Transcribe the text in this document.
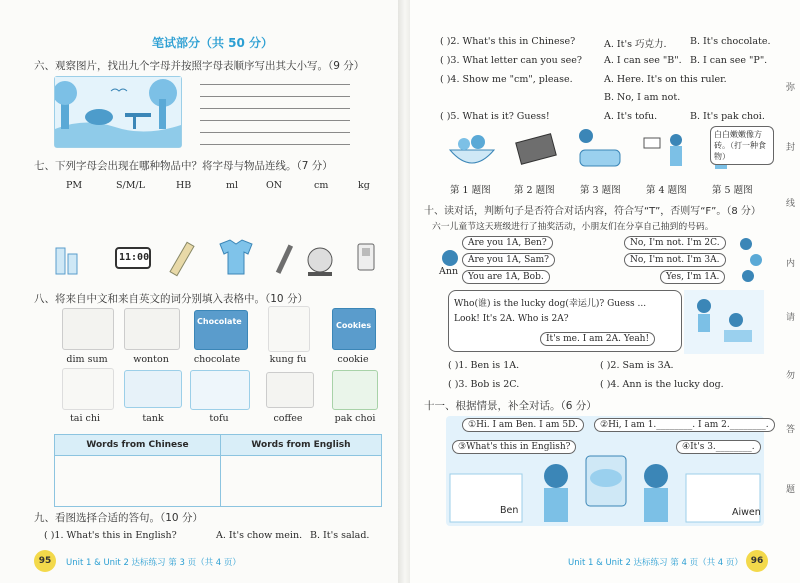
笔试部分（共 50 分）
六、观察图片，找出九个字母并按照字母表顺序写出其大小写。（9 分）
七、下列字母会出现在哪种物品中？将字母与物品连线。（7 分）
PM	S/M/L	HB	ml	ON	cm	kg
11:00
八、将来自中文和来自英文的词分别填入表格中。（10 分）
Chocolate	Cookies
dim sum	wonton	chocolate	kung fu	cookie
tai chi	tank	tofu	coffee	pak choi
Words from Chinese	Words from English

九、看图选择合适的答句。（10 分）
( )1. What's this in English?	A. It's chow mein. B. It's salad.
95	Unit 1 & Unit 2 达标练习 第 3 页（共 4 页）
( )2. What's this in Chinese?	A. It's 巧克力. B. It's chocolate.
( )3. What letter can you see? A. I can see "B". B. I can see "P".
( )4. Show me "cm", please.	A. Here. It's on this ruler.
B. No, I am not.
( )5. What is it? Guess!	A. It's tofu.	B. It's pak choi.
白白嫩嫩像方砖。（打一种食物）
第 1 题图 第 2 题图	第 3 题图	第 4 题图	第 5 题图
十、读对话，判断句子是否符合对话内容，符合写“T”，否则写“F”。（8 分）
六一儿童节这天班级进行了抽奖活动，小朋友们在分享自己抽到的号码。
Ann
Are you 1A, Ben?
Are you 1A, Sam?
You are 1A, Bob.
No, I'm not. I'm 2C.
No, I'm not. I'm 3A.
Yes, I'm 1A.
Who(谁) is the lucky dog(幸运儿)? Guess ...
Look! It's 2A. Who is 2A?
It's me. I am 2A. Yeah!
( )1. Ben is 1A.	( )2. Sam is 3A.
( )3. Bob is 2C.	( )4. Ann is the lucky dog.
十一、根据情景，补全对话。（6 分）
①Hi. I am Ben. I am 5D.	②Hi, I am 1.________. I am 2.________.
③What's this in English?	④It's 3.________.
Ben	Aiwen
Unit 1 & Unit 2 达标练习 第 4 页（共 4 页） 96
弥
封
线
内
请
勿
答
题
